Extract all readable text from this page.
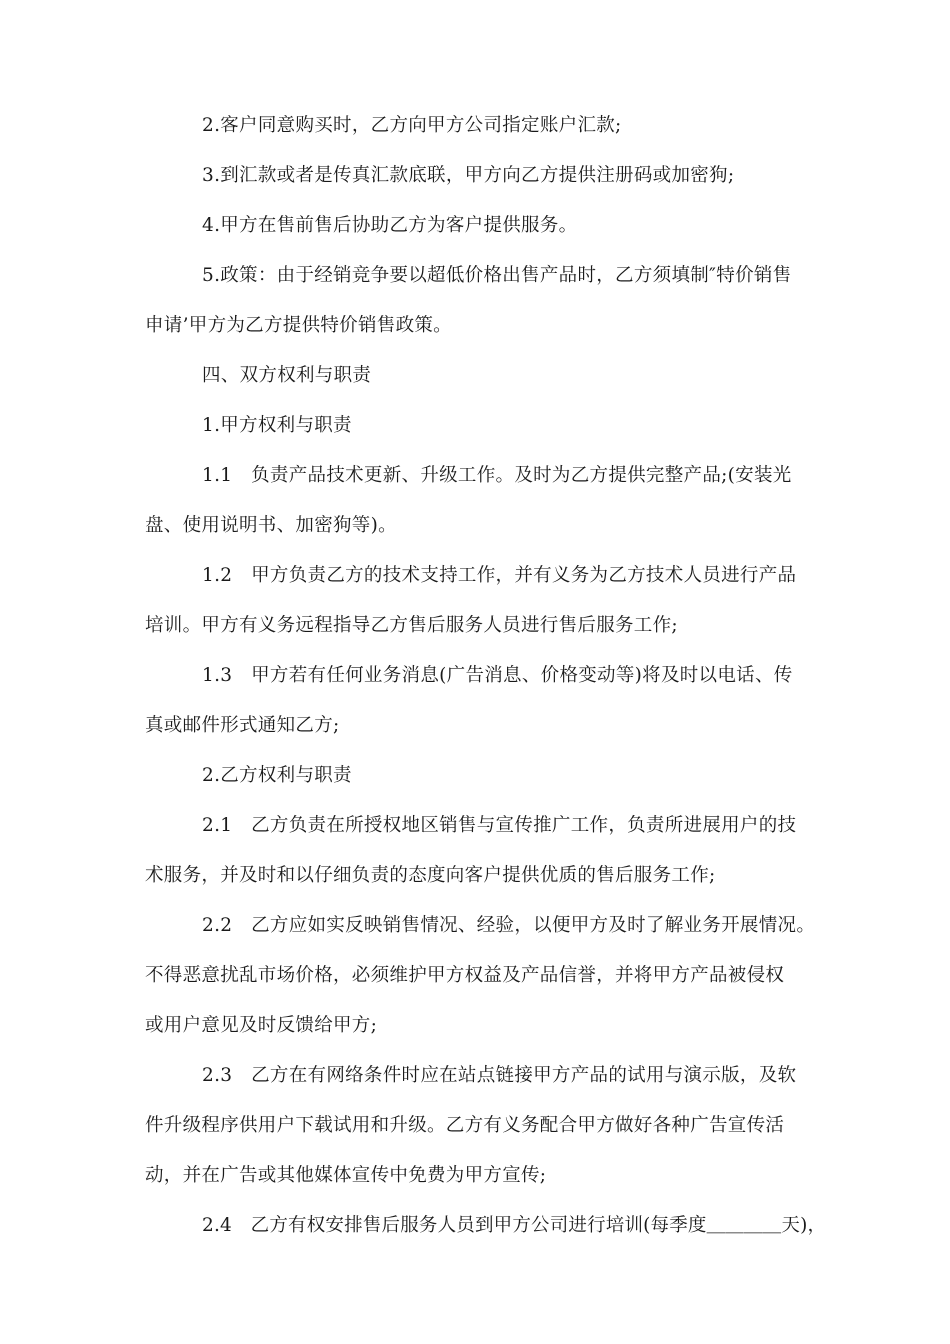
2.客户同意购买时，乙方向甲方公司指定账户汇款;
3.到汇款或者是传真汇款底联，甲方向乙方提供注册码或加密狗;
4.甲方在售前售后协助乙方为客户提供服务。
5.政策：由于经销竞争要以超低价格出售产品时，乙方须填制″特价销售
申请’甲方为乙方提供特价销售政策。
四、双方权利与职责
1.甲方权利与职责
1.1　负责产品技术更新、升级工作。及时为乙方提供完整产品;(安装光
盘、使用说明书、加密狗等)。
1.2　甲方负责乙方的技术支持工作，并有义务为乙方技术人员进行产品
培训。甲方有义务远程指导乙方售后服务人员进行售后服务工作;
1.3　甲方若有任何业务消息(广告消息、价格变动等)将及时以电话、传
真或邮件形式通知乙方;
2.乙方权利与职责
2.1　乙方负责在所授权地区销售与宣传推广工作，负责所进展用户的技
术服务，并及时和以仔细负责的态度向客户提供优质的售后服务工作;
2.2　乙方应如实反映销售情况、经验，以便甲方及时了解业务开展情况。
不得恶意扰乱市场价格，必须维护甲方权益及产品信誉，并将甲方产品被侵权
或用户意见及时反馈给甲方;
2.3　乙方在有网络条件时应在站点链接甲方产品的试用与演示版，及软
件升级程序供用户下载试用和升级。乙方有义务配合甲方做好各种广告宣传活
动，并在广告或其他媒体宣传中免费为甲方宣传;
2.4　乙方有权安排售后服务人员到甲方公司进行培训(每季度＿＿＿＿天)，
